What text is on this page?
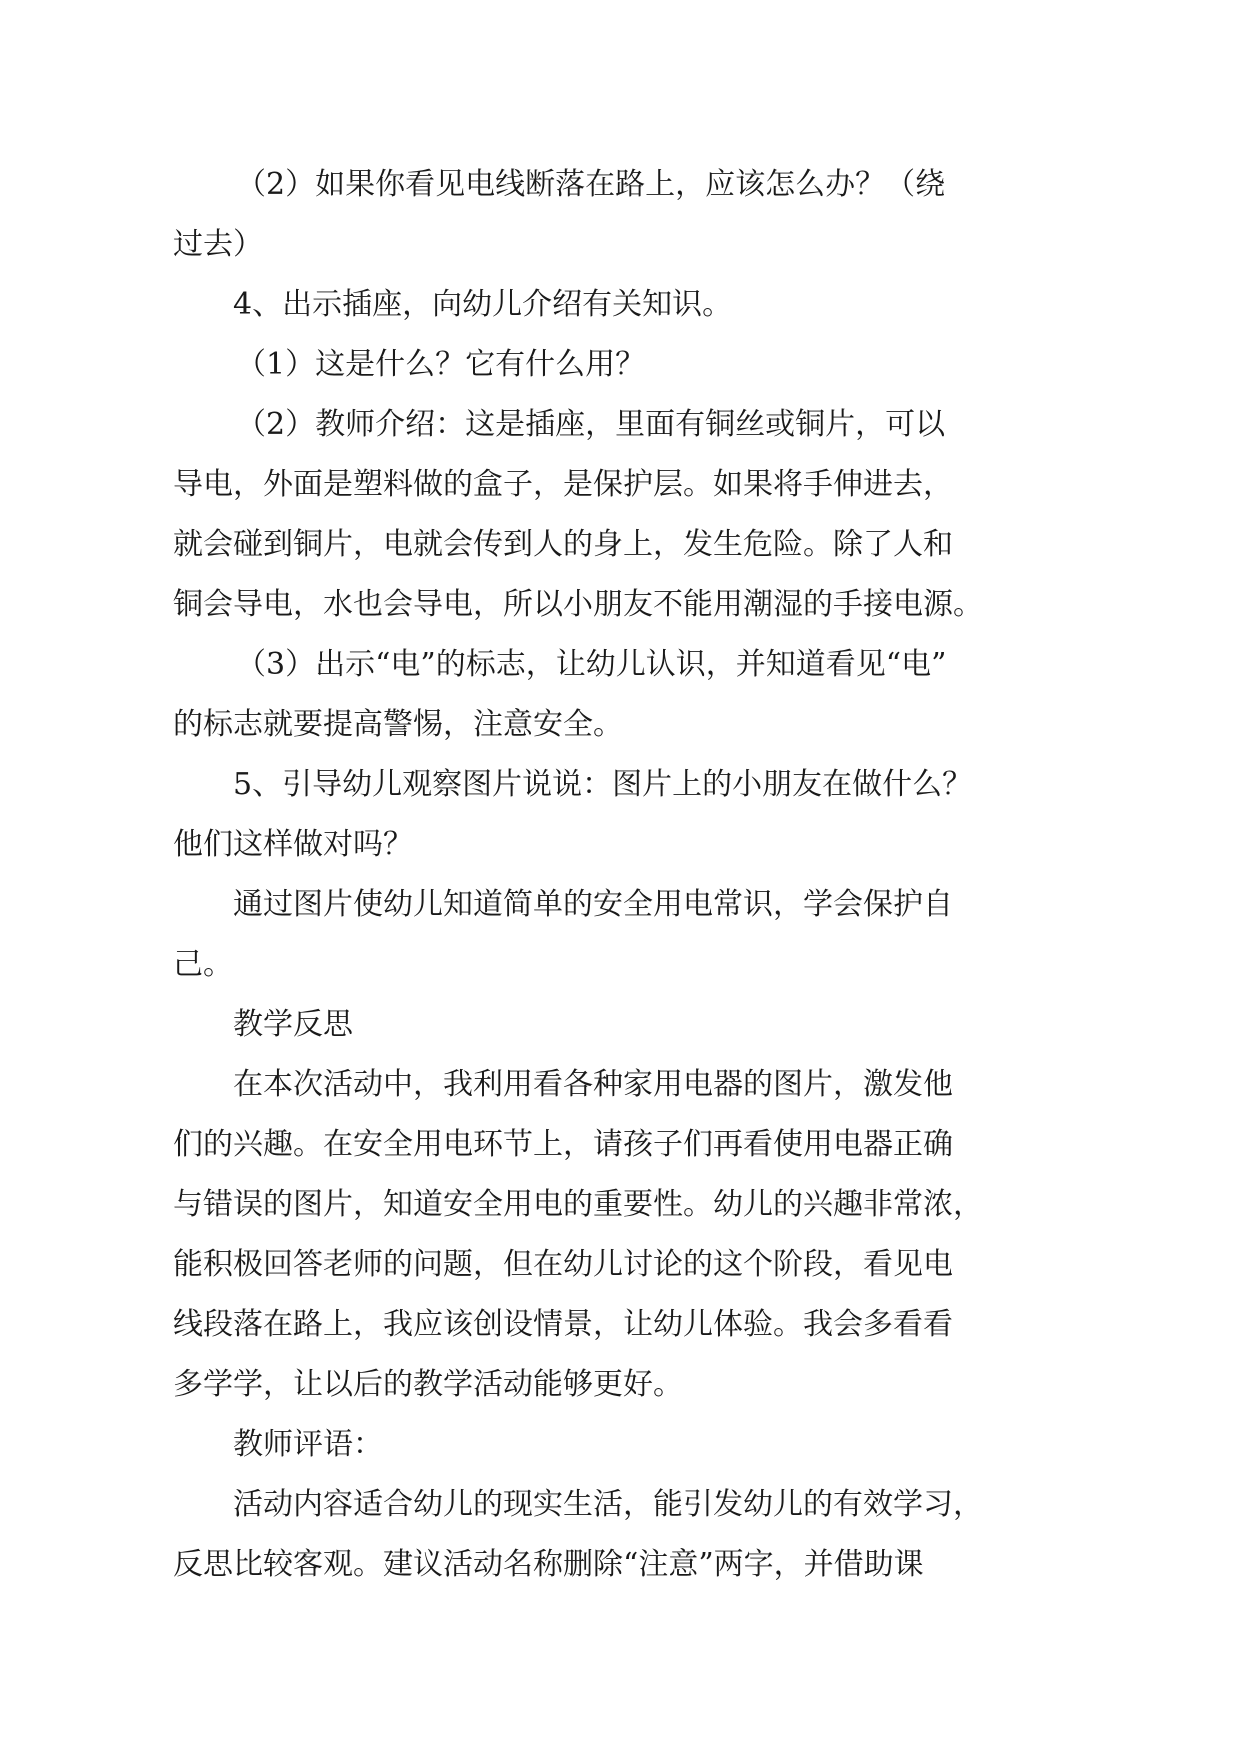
（2）如果你看见电线断落在路上，应该怎么办？（绕
过去）
4、出示插座，向幼儿介绍有关知识。
（1）这是什么？它有什么用？
（2）教师介绍：这是插座，里面有铜丝或铜片，可以
导电，外面是塑料做的盒子，是保护层。如果将手伸进去，
就会碰到铜片，电就会传到人的身上，发生危险。除了人和
铜会导电，水也会导电，所以小朋友不能用潮湿的手接电源。
（3）出示“电”的标志，让幼儿认识，并知道看见“电”
的标志就要提高警惕，注意安全。
5、引导幼儿观察图片说说：图片上的小朋友在做什么？
他们这样做对吗？
通过图片使幼儿知道简单的安全用电常识，学会保护自
己。
教学反思
在本次活动中，我利用看各种家用电器的图片，激发他
们的兴趣。在安全用电环节上，请孩子们再看使用电器正确
与错误的图片，知道安全用电的重要性。幼儿的兴趣非常浓，
能积极回答老师的问题，但在幼儿讨论的这个阶段，看见电
线段落在路上，我应该创设情景，让幼儿体验。我会多看看
多学学，让以后的教学活动能够更好。
教师评语：
活动内容适合幼儿的现实生活，能引发幼儿的有效学习，
反思比较客观。建议活动名称删除“注意”两字，并借助课
